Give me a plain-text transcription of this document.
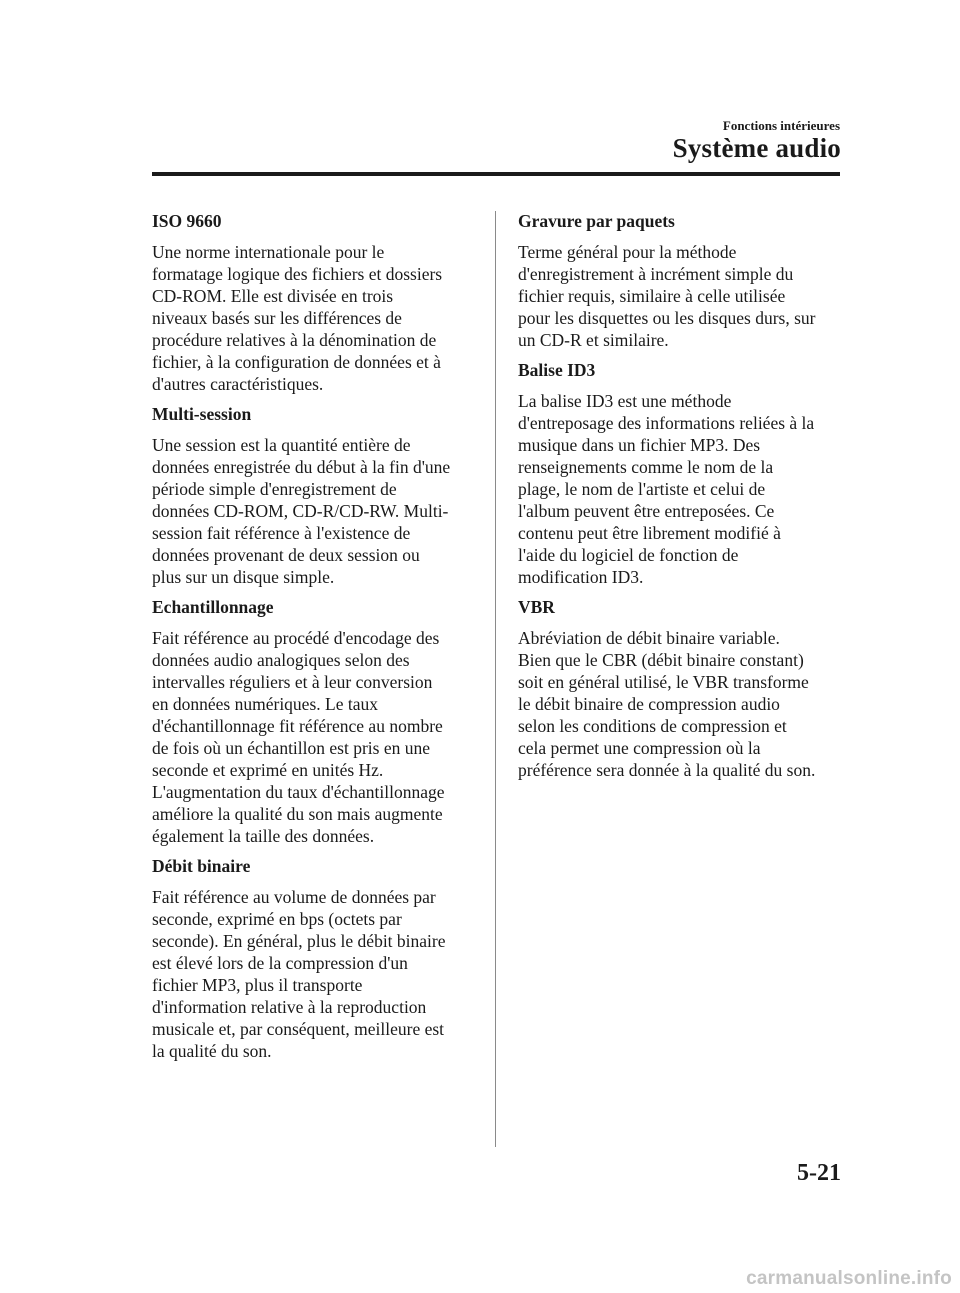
Fonctions intérieures
Système audio
ISO 9660

Une norme internationale pour le
formatage logique des fichiers et dossiers
CD-ROM. Elle est divisée en trois
niveaux basés sur les différences de
procédure relatives à la dénomination de
fichier, à la configuration de données et à
d'autres caractéristiques.

Multi-session

Une session est la quantité entière de
données enregistrée du début à la fin d'une
période simple d'enregistrement de
données CD-ROM, CD-R/CD-RW. Multi-
session fait référence à l'existence de
données provenant de deux session ou
plus sur un disque simple.

Echantillonnage

Fait référence au procédé d'encodage des
données audio analogiques selon des
intervalles réguliers et à leur conversion
en données numériques. Le taux
d'échantillonnage fit référence au nombre
de fois où un échantillon est pris en une
seconde et exprimé en unités Hz.
L'augmentation du taux d'échantillonnage
améliore la qualité du son mais augmente
également la taille des données.

Débit binaire

Fait référence au volume de données par
seconde, exprimé en bps (octets par
seconde). En général, plus le débit binaire
est élevé lors de la compression d'un
fichier MP3, plus il transporte
d'information relative à la reproduction
musicale et, par conséquent, meilleure est
la qualité du son.

Gravure par paquets

Terme général pour la méthode
d'enregistrement à incrément simple du
fichier requis, similaire à celle utilisée
pour les disquettes ou les disques durs, sur
un CD-R et similaire.

Balise ID3

La balise ID3 est une méthode
d'entreposage des informations reliées à la
musique dans un fichier MP3. Des
renseignements comme le nom de la
plage, le nom de l'artiste et celui de
l'album peuvent être entreposées. Ce
contenu peut être librement modifié à
l'aide du logiciel de fonction de
modification ID3.

VBR

Abréviation de débit binaire variable.
Bien que le CBR (débit binaire constant)
soit en général utilisé, le VBR transforme
le débit binaire de compression audio
selon les conditions de compression et
cela permet une compression où la
préférence sera donnée à la qualité du son.

5-21
carmanualsonline.info
